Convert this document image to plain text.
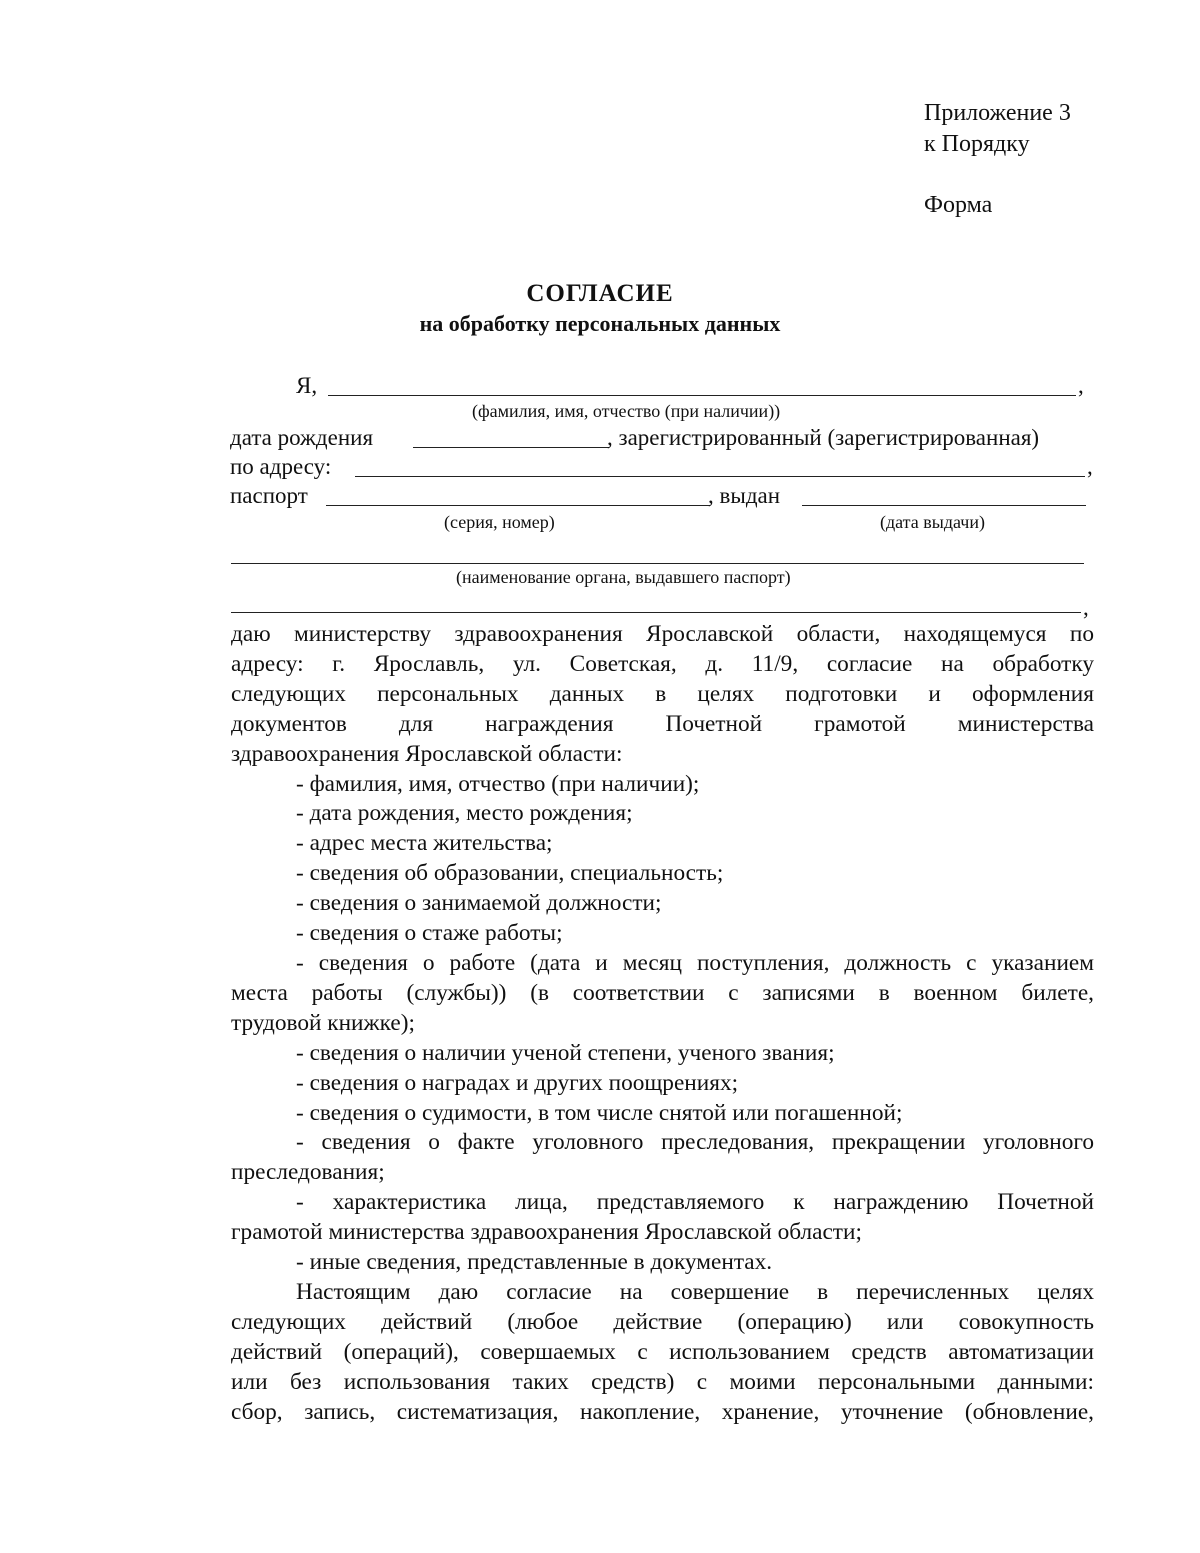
Приложение 3
к Порядку
Форма
СОГЛАСИЕ
на обработку персональных данных
Я,	,
(фамилия, имя, отчество (при наличии))
дата рождения	, зарегистрированный (зарегистрированная)
по адресу:	,
паспорт	, выдан
(серия, номер)	(дата выдачи)
(наименование органа, выдавшего паспорт)
,

даю министерству здравоохранения Ярославской области, находящемуся по

адресу: г. Ярославль, ул. Советская, д. 11/9, согласие на обработку

следующих персональных данных в целях подготовки и оформления

документов для награждения Почетной грамотой министерства

здравоохранения Ярославской области:

- фамилия, имя, отчество (при наличии);

- дата рождения, место рождения;

- адрес места жительства;

- сведения об образовании, специальность;

- сведения о занимаемой должности;

- сведения о стаже работы;

- сведения о работе (дата и месяц поступления, должность с указанием

места работы (службы)) (в соответствии с записями в военном билете,

трудовой книжке);

- сведения о наличии ученой степени, ученого звания;

- сведения о наградах и других поощрениях;

- сведения о судимости, в том числе снятой или погашенной;

- сведения о факте уголовного преследования, прекращении уголовного

преследования;

- характеристика лица, представляемого к награждению Почетной

грамотой министерства здравоохранения Ярославской области;

- иные сведения, представленные в документах.

Настоящим даю согласие на совершение в перечисленных целях

следующих действий (любое действие (операцию) или совокупность

действий (операций), совершаемых с использованием средств автоматизации

или без использования таких средств) с моими персональными данными:

сбор, запись, систематизация, накопление, хранение, уточнение (обновление,
